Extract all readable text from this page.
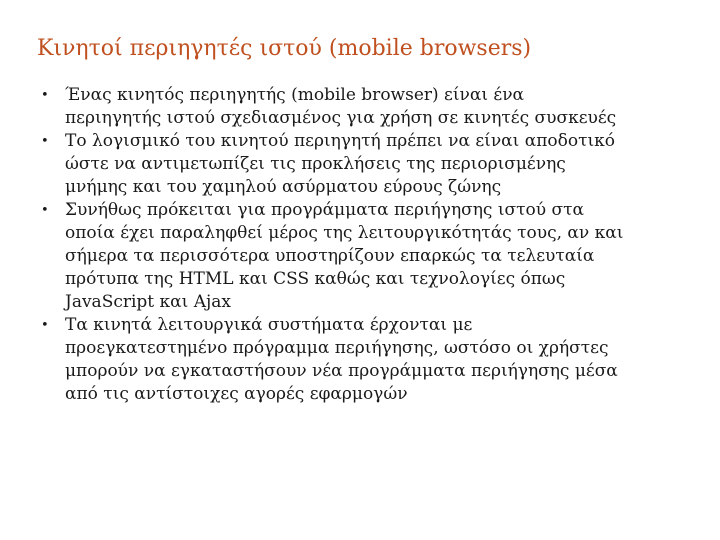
Κινητοί περιηγητές ιστού (mobile browsers)
• Ένας κινητός περιηγητής (mobile browser) είναι ένα
περιηγητής ιστού σχεδιασμένος για χρήση σε κινητές συσκευές
• Το λογισμικό του κινητού περιηγητή πρέπει να είναι αποδοτικό
ώστε να αντιμετωπίζει τις προκλήσεις της περιορισμένης
μνήμης και του χαμηλού ασύρματου εύρους ζώνης
• Συνήθως πρόκειται για προγράμματα περιήγησης ιστού στα
οποία έχει παραληφθεί μέρος της λειτουργικότητάς τους, αν και
σήμερα τα περισσότερα υποστηρίζουν επαρκώς τα τελευταία
πρότυπα της HTML και CSS καθώς και τεχνολογίες όπως
JavaScript και Ajax
• Τα κινητά λειτουργικά συστήματα έρχονται με
προεγκατεστημένο πρόγραμμα περιήγησης, ωστόσο οι χρήστες
μπορούν να εγκαταστήσουν νέα προγράμματα περιήγησης μέσα
από τις αντίστοιχες αγορές εφαρμογών
